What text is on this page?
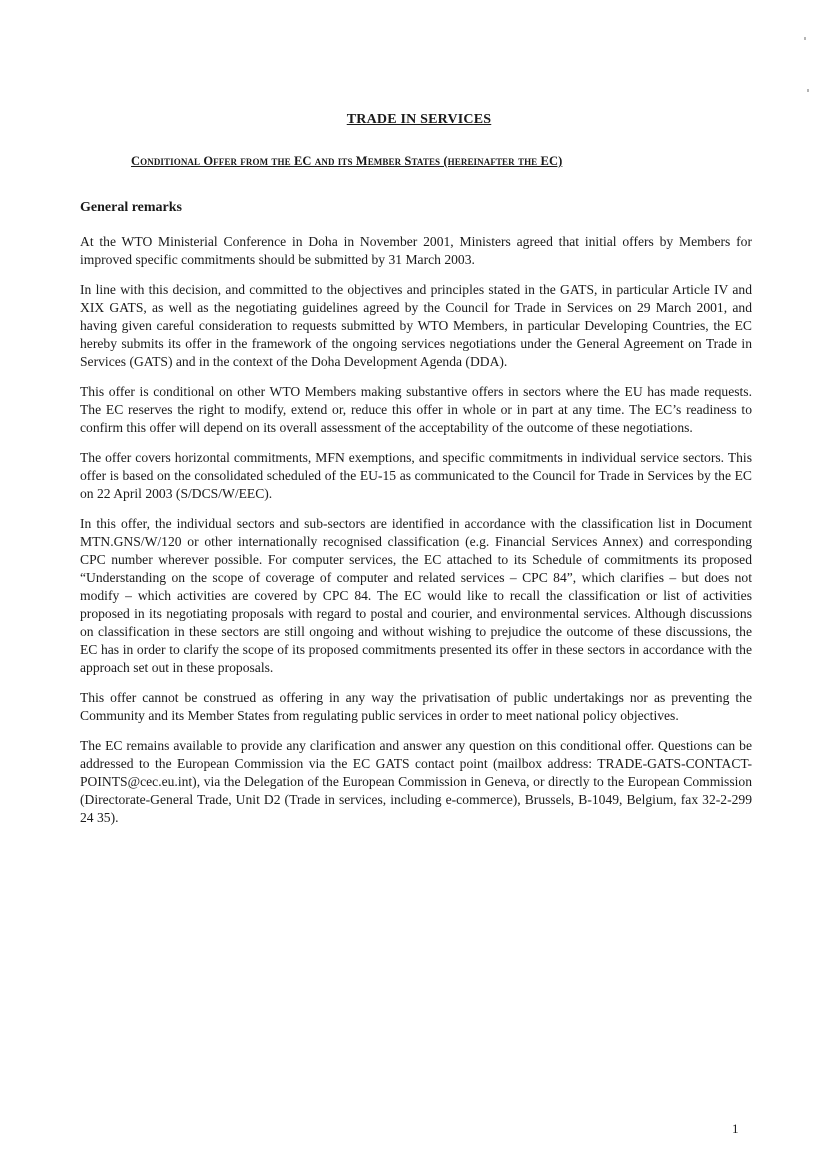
TRADE IN SERVICES
Conditional Offer from the EC and its Member States (hereinafter the EC)
General remarks

At the WTO Ministerial Conference in Doha in November 2001, Ministers agreed that initial offers by Members for improved specific commitments should be submitted by 31 March 2003.

In line with this decision, and committed to the objectives and principles stated in the GATS, in particular Article IV and XIX GATS, as well as the negotiating guidelines agreed by the Council for Trade in Services on 29 March 2001, and having given careful consideration to requests submitted by WTO Members, in particular Developing Countries, the EC hereby submits its offer in the framework of the ongoing services negotiations under the General Agreement on Trade in Services (GATS) and in the context of the Doha Development Agenda (DDA).

This offer is conditional on other WTO Members making substantive offers in sectors where the EU has made requests. The EC reserves the right to modify, extend or, reduce this offer in whole or in part at any time. The EC’s readiness to confirm this offer will depend on its overall assessment of the acceptability of the outcome of these negotiations.

The offer covers horizontal commitments, MFN exemptions, and specific commitments in individual service sectors. This offer is based on the consolidated scheduled of the EU-15 as communicated to the Council for Trade in Services by the EC on 22 April 2003 (S/DCS/W/EEC).

In this offer, the individual sectors and sub-sectors are identified in accordance with the classification list in Document MTN.GNS/W/120 or other internationally recognised classification (e.g. Financial Services Annex) and corresponding CPC number wherever possible. For computer services, the EC attached to its Schedule of commitments its proposed “Understanding on the scope of coverage of computer and related services – CPC 84”, which clarifies – but does not modify – which activities are covered by CPC 84. The EC would like to recall the classification or list of activities proposed in its negotiating proposals with regard to postal and courier, and environmental services. Although discussions on classification in these sectors are still ongoing and without wishing to prejudice the outcome of these discussions, the EC has in order to clarify the scope of its proposed commitments presented its offer in these sectors in accordance with the approach set out in these proposals.

This offer cannot be construed as offering in any way the privatisation of public undertakings nor as preventing the Community and its Member States from regulating public services in order to meet national policy objectives.

The EC remains available to provide any clarification and answer any question on this conditional offer. Questions can be addressed to the European Commission via the EC GATS contact point (mailbox address: TRADE-GATS-CONTACT-POINTS@cec.eu.int), via the Delegation of the European Commission in Geneva, or directly to the European Commission (Directorate-General Trade, Unit D2 (Trade in services, including e-commerce), Brussels, B-1049, Belgium, fax 32-2-299 24 35).

1
